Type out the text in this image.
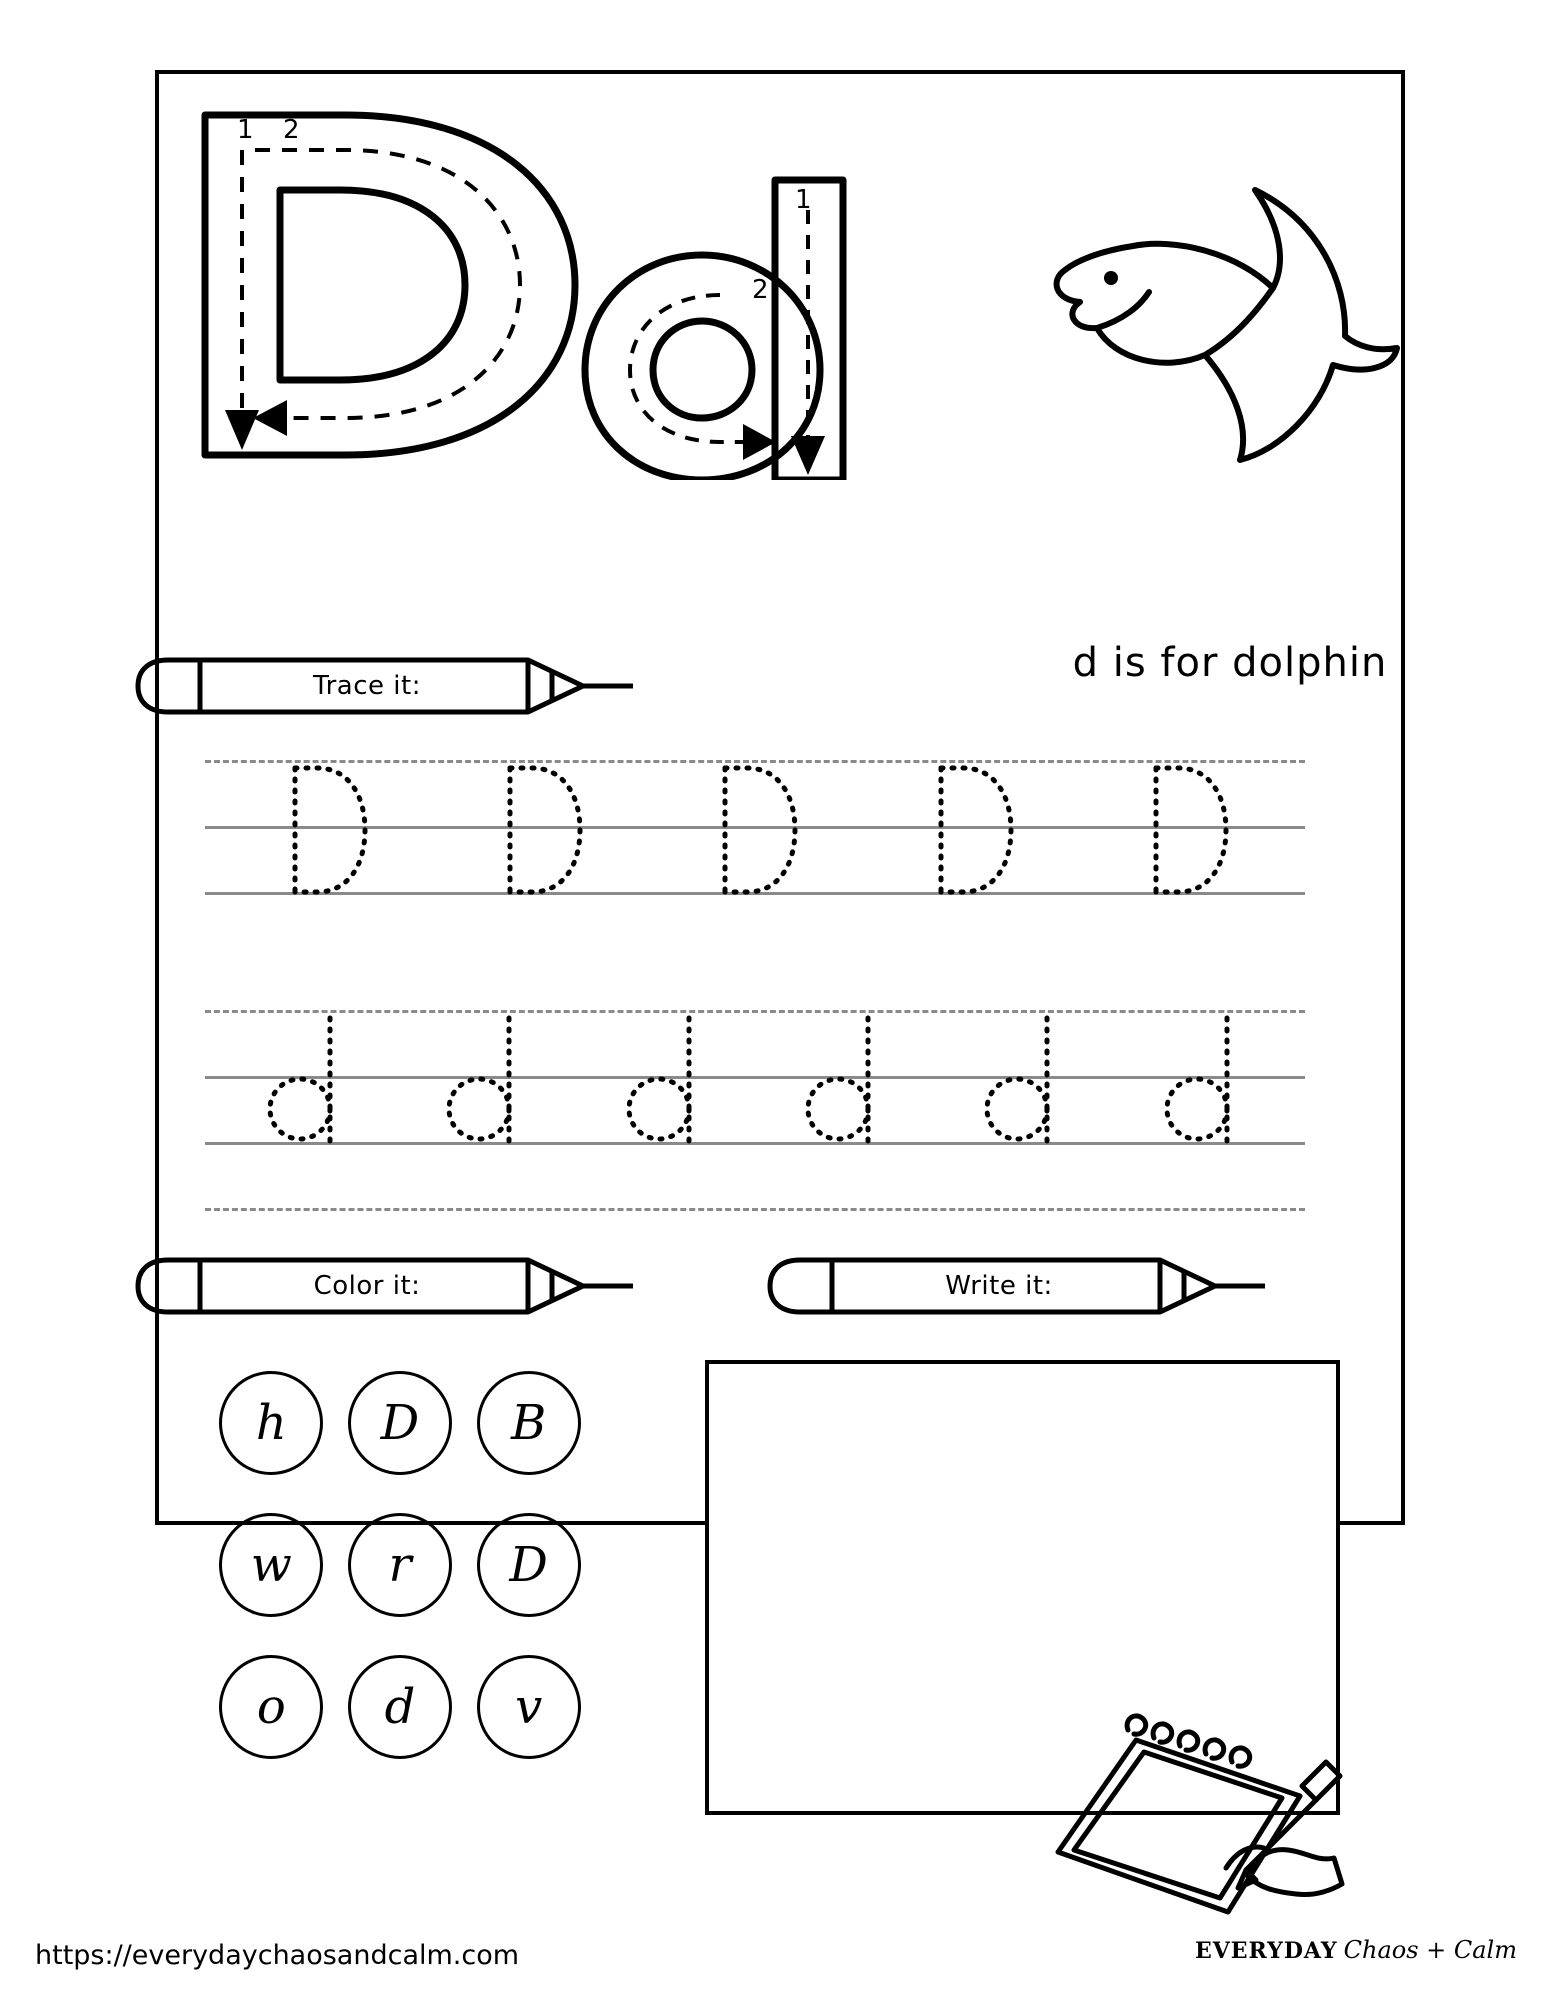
1 2
1
2
d is for dolphin
Trace it:
Color it:	Write it:
h	D	B
w	r	D
o	d	v
https://everydaychaosandcalm.com	EVERYDAY Chaos + Calm
